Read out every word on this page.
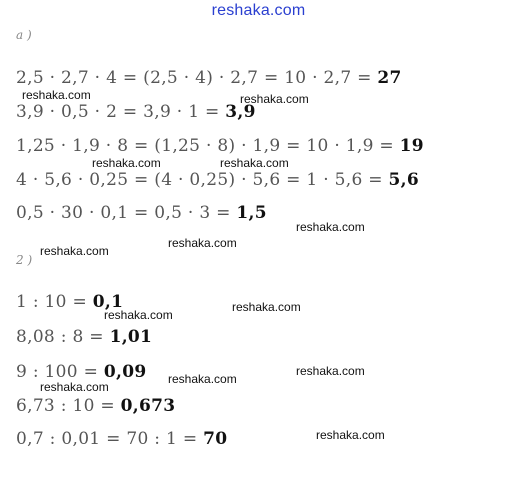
reshaka.com
а )
2,5 · 2,7 · 4 = (2,5 · 4) · 2,7 = 10 · 2,7 = 27
3,9 · 0,5 · 2 = 3,9 · 1 = 3,9
1,25 · 1,9 · 8 = (1,25 · 8) · 1,9 = 10 · 1,9 = 19
4 · 5,6 · 0,25 = (4 · 0,25) · 5,6 = 1 · 5,6 = 5,6
0,5 · 30 · 0,1 = 0,5 · 3 = 1,5
2 )
1 : 10 = 0,1
8,08 : 8 = 1,01
9 : 100 = 0,09
6,73 : 10 = 0,673
0,7 : 0,01 = 70 : 1 = 70
reshaka.com	reshaka.com
reshaka.com	reshaka.com
reshaka.com
reshaka.com
reshaka.com
reshaka.com
reshaka.com
reshaka.com
reshaka.com
reshaka.com
reshaka.com
